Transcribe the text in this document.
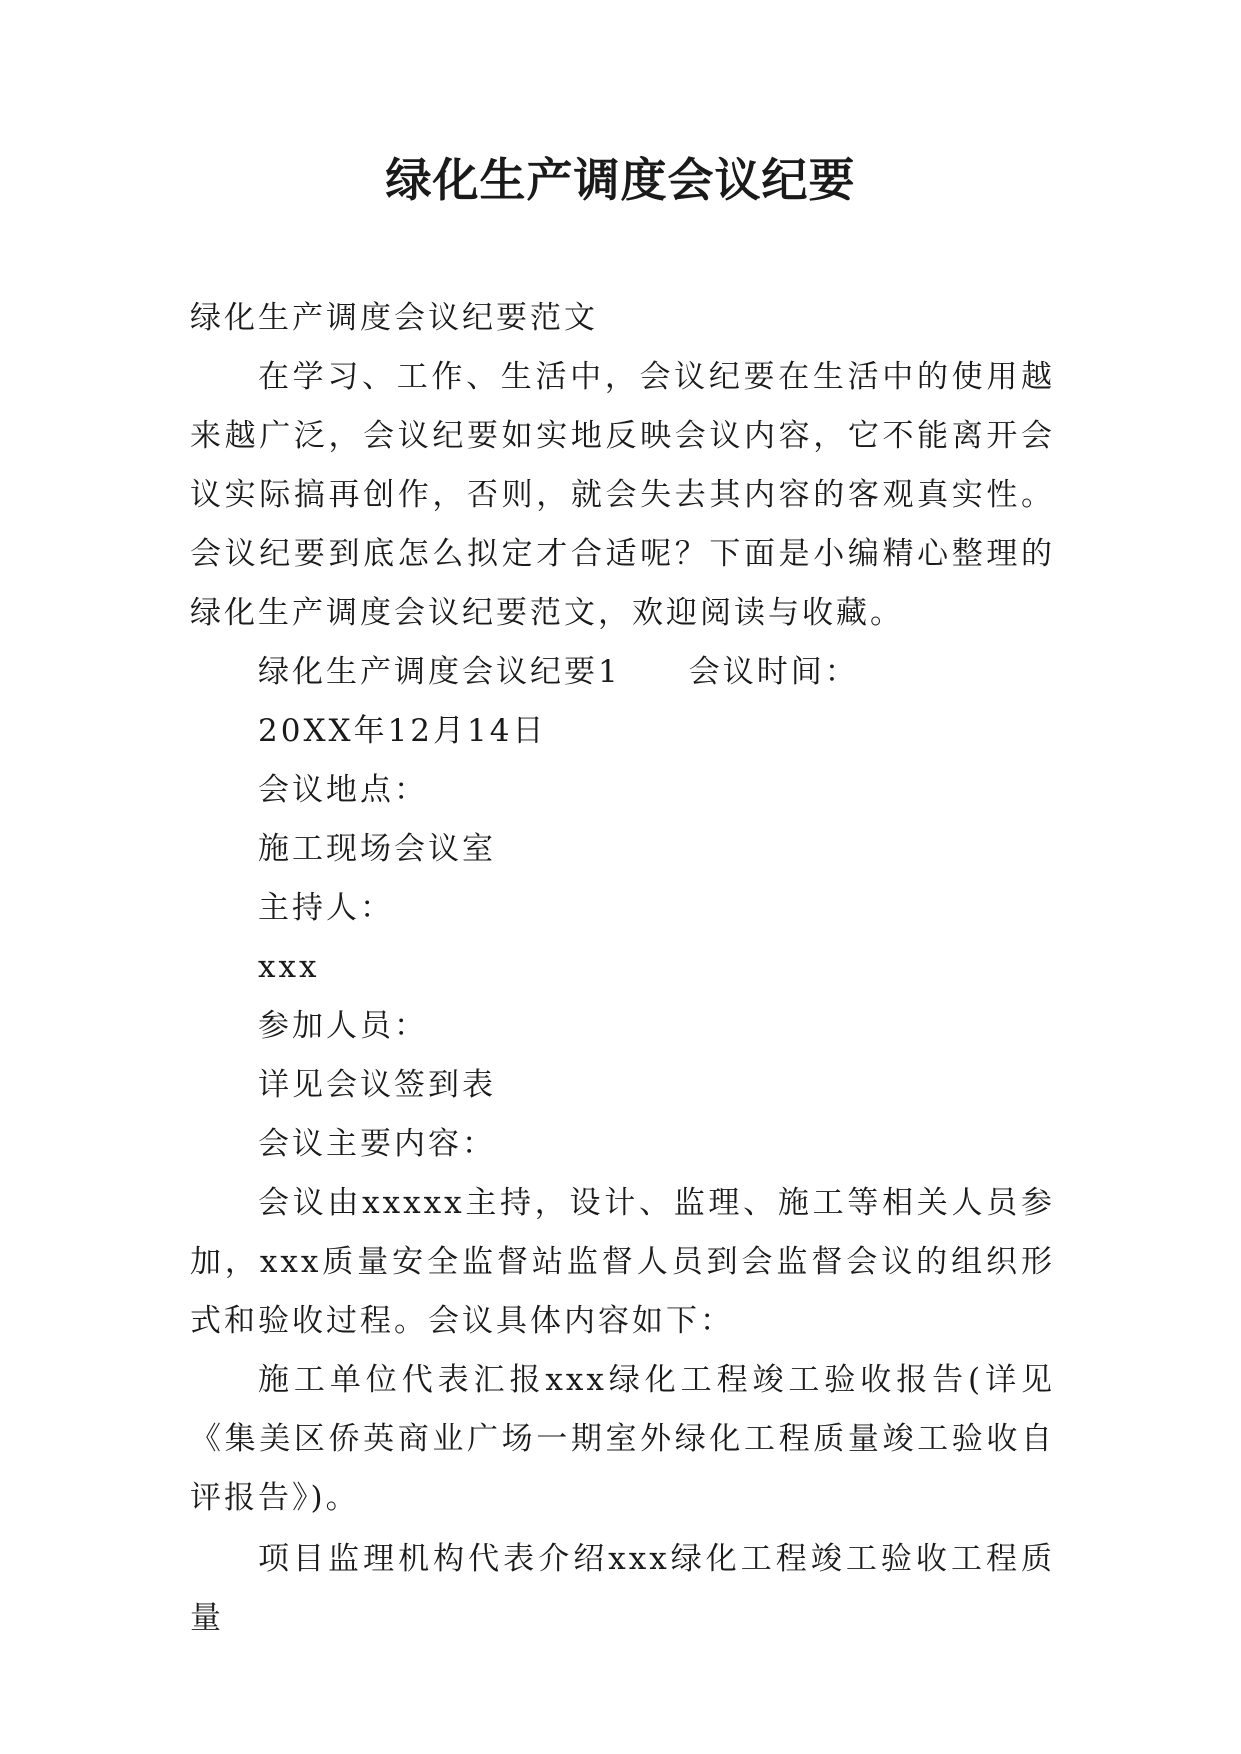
绿化生产调度会议纪要

绿化生产调度会议纪要范文

在学习、工作、生活中，会议纪要在生活中的使用越来越广泛，会议纪要如实地反映会议内容，它不能离开会议实际搞再创作，否则，就会失去其内容的客观真实性。会议纪要到底怎么拟定才合适呢？下面是小编精心整理的绿化生产调度会议纪要范文，欢迎阅读与收藏。

绿化生产调度会议纪要1　　会议时间：

20XX年12月14日

会议地点：

施工现场会议室

主持人：

xxx

参加人员：

详见会议签到表

会议主要内容：

会议由xxxxx主持，设计、监理、施工等相关人员参加，xxx质量安全监督站监督人员到会监督会议的组织形式和验收过程。会议具体内容如下：

施工单位代表汇报xxx绿化工程竣工验收报告(详见《集美区侨英商业广场一期室外绿化工程质量竣工验收自评报告》)。

项目监理机构代表介绍xxx绿化工程竣工验收工程质量
